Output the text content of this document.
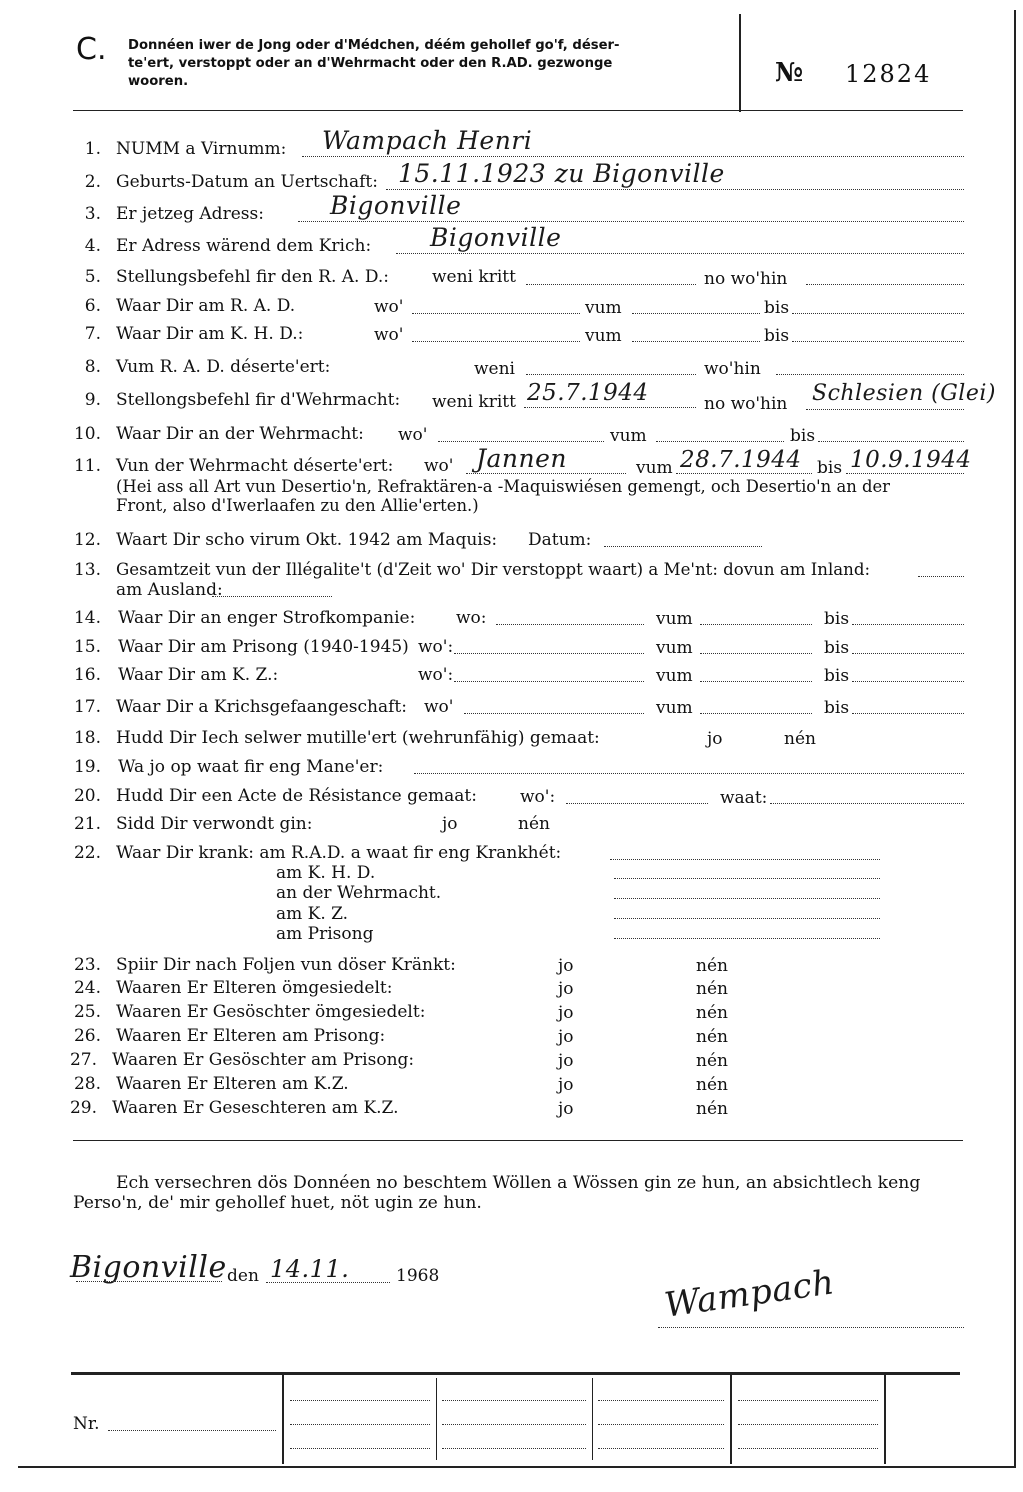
C. Donnéen iwer de Jong oder d'Médchen, déém gehollef go'f, déser-
te'ert, verstoppt oder an d'Wehrmacht oder den R.AD. gezwonge
wooren.	№ 12824
1. NUMM a Virnumm: Wampach Henri
2. Geburts-Datum an Uertschaft: 15.11.1923 zu Bigonville
3. Er jetzeg Adress:	Bigonville
4. Er Adress wärend dem Krich: Bigonville
5. Stellungsbefehl fir den R. A. D.:	weni kritt	no wo'hin
6. Waar Dir am R. A. D.	wo'	vum	bis
7. Waar Dir am K. H. D.:	wo'	vum	bis
8. Vum R. A. D. déserte'ert:	weni	wo'hin
9. Stellongsbefehl fir d'Wehrmacht: weni kritt 25.7.1944	no wo'hin Schlesien (Glei)
10. Waar Dir an der Wehrmacht: wo'	vum	bis
11. Vun der Wehrmacht déserte'ert: wo' Jannen	vum 28.7.1944 bis 10.9.1944
(Hei ass all Art vun Desertio'n, Refraktären-a -Maquiswiésen gemengt, och Desertio'n an der
Front, also d'Iwerlaafen zu den Allie'erten.)
12. Waart Dir scho virum Okt. 1942 am Maquis: Datum:
13. Gesamtzeit vun der Illégalite't (d'Zeit wo' Dir verstoppt waart) a Me'nt: dovun am Inland:
am Ausland:
14. Waar Dir an enger Strofkompanie: wo:	vum	bis
15. Waar Dir am Prisong (1940-1945) wo':	vum	bis
16. Waar Dir am K. Z.:	wo':	vum	bis
17. Waar Dir a Krichsgefaangeschaft: wo'	vum	bis
18. Hudd Dir Iech selwer mutille'ert (wehrunfähig) gemaat:	jo	nén
19. Wa jo op waat fir eng Mane'er:
20. Hudd Dir een Acte de Résistance gemaat:	wo':	waat:
21. Sidd Dir verwondt gin:	jo	nén
22. Waar Dir krank: am R.A.D. a waat fir eng Krankhét:
am K. H. D.
an der Wehrmacht.
am K. Z.
am Prisong
23. Spiir Dir nach Foljen vun döser Kränkt:	jo	nén
24. Waaren Er Elteren ömgesiedelt:	jo	nén
25. Waaren Er Gesöschter ömgesiedelt:	jo	nén
26. Waaren Er Elteren am Prisong:	jo	nén
27. Waaren Er Gesöschter am Prisong:	jo	nén
28. Waaren Er Elteren am K.Z.	jo	nén
29. Waaren Er Geseschteren am K.Z.	jo	nén
Ech versechren dös Donnéen no beschtem Wöllen a Wössen gin ze hun, an absichtlech keng
Perso'n, de' mir gehollef huet, nöt ugin ze hun.
Bigonville den 14.11.	1968	Wampach
Nr.
